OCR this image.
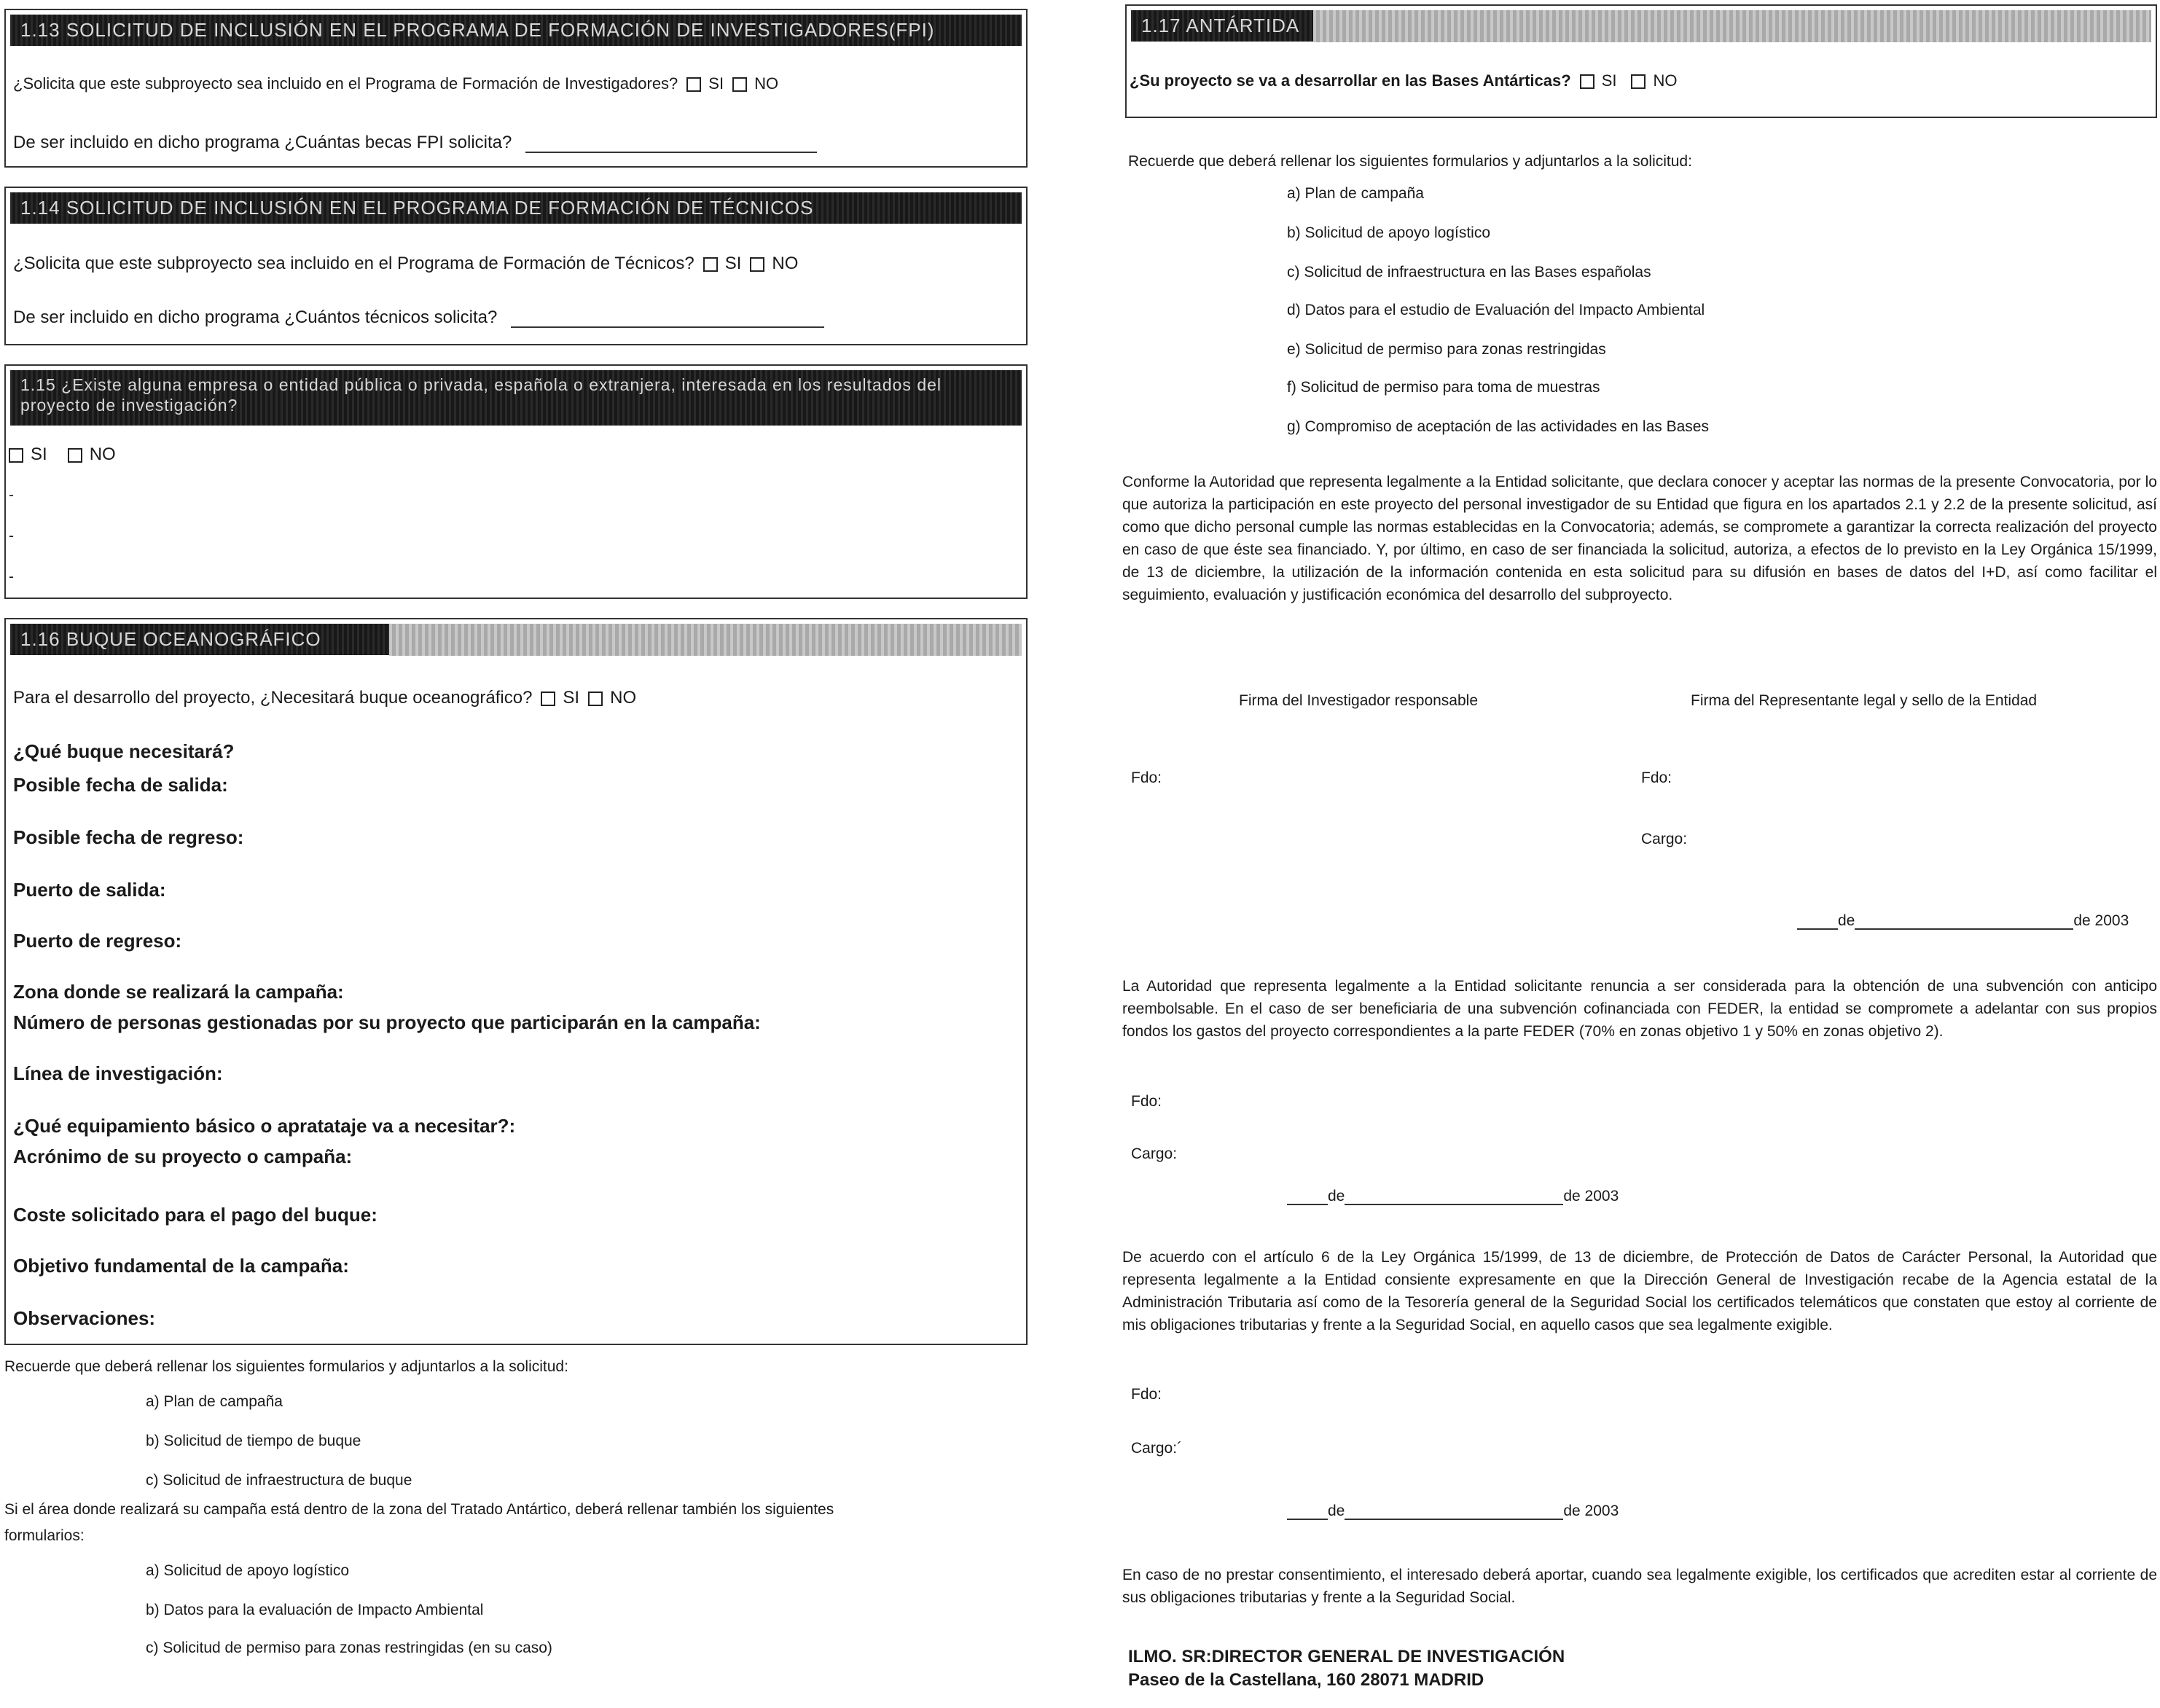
1.13 SOLICITUD DE INCLUSIÓN EN EL PROGRAMA DE FORMACIÓN DE INVESTIGADORES(FPI)
¿Solicita que este subproyecto sea incluido en el Programa de Formación de Investigadores? SI NO
De ser incluido en dicho programa ¿Cuántas becas FPI solicita?
1.14 SOLICITUD DE INCLUSIÓN EN EL PROGRAMA DE FORMACIÓN DE TÉCNICOS
¿Solicita que este subproyecto sea incluido en el Programa de Formación de Técnicos? SI NO
De ser incluido en dicho programa ¿Cuántos técnicos solicita?
1.15 ¿Existe alguna empresa o entidad pública o privada, española o extranjera, interesada en los resultados del proyecto de investigación?
SI NO
-
-
-
1.16 BUQUE OCEANOGRÁFICO
Para el desarrollo del proyecto, ¿Necesitará buque oceanográfico? SI NO
¿Qué buque necesitará?
Posible fecha de salida:
Posible fecha de regreso:
Puerto de salida:
Puerto de regreso:
Zona donde se realizará la campaña:
Número de personas gestionadas por su proyecto que participarán en la campaña:
Línea de investigación:
¿Qué equipamiento básico o apratataje va a necesitar?:
Acrónimo de su proyecto o campaña:
Coste solicitado para el pago del buque:
Objetivo fundamental de la campaña:
Observaciones:
Recuerde que deberá rellenar los siguientes formularios y adjuntarlos a la solicitud:
a) Plan de campaña
b) Solicitud de tiempo de buque
c) Solicitud de infraestructura de buque
Si el área donde realizará su campaña está dentro de la zona del Tratado Antártico, deberá rellenar también los siguientes
formularios:
a) Solicitud de apoyo logístico
b) Datos para la evaluación de Impacto Ambiental
c) Solicitud de permiso para zonas restringidas (en su caso)
1.17 ANTÁRTIDA
¿Su proyecto se va a desarrollar en las Bases Antárticas? SI NO
Recuerde que deberá rellenar los siguientes formularios y adjuntarlos a la solicitud:
a) Plan de campaña
b) Solicitud de apoyo logístico
c) Solicitud de infraestructura en las Bases españolas
d) Datos para el estudio de Evaluación del Impacto Ambiental
e) Solicitud de permiso para zonas restringidas
f) Solicitud de permiso para toma de muestras
g) Compromiso de aceptación de las actividades en las Bases
Conforme la Autoridad que representa legalmente a la Entidad solicitante, que declara conocer y aceptar las normas de la presente Convocatoria, por lo que autoriza la participación en este proyecto del personal investigador de su Entidad que figura en los apartados 2.1 y 2.2 de la presente solicitud, así como que dicho personal cumple las normas establecidas en la Convocatoria; además, se compromete a garantizar la correcta realización del proyecto en caso de que éste sea financiado. Y, por último, en caso de ser financiada la solicitud, autoriza, a efectos de lo previsto en la Ley Orgánica 15/1999, de 13 de diciembre, la utilización de la información contenida en esta solicitud para su difusión en bases de datos del I+D, así como facilitar el seguimiento, evaluación y justificación económica del desarrollo del subproyecto.
Firma del Investigador responsable	Firma del Representante legal y sello de la Entidad
Fdo:	Fdo:
Cargo:
de	de 2003
La Autoridad que representa legalmente a la Entidad solicitante renuncia a ser considerada para la obtención de una subvención con anticipo reembolsable. En el caso de ser beneficiaria de una subvención cofinanciada con FEDER, la entidad se compromete a adelantar con sus propios fondos los gastos del proyecto correspondientes a la parte FEDER (70% en zonas objetivo 1 y 50% en zonas objetivo 2).
Fdo:
Cargo:
de	de 2003
De acuerdo con el artículo 6 de la Ley Orgánica 15/1999, de 13 de diciembre, de Protección de Datos de Carácter Personal, la Autoridad que representa legalmente a la Entidad consiente expresamente en que la Dirección General de Investigación recabe de la Agencia estatal de la Administración Tributaria así como de la Tesorería general de la Seguridad Social los certificados telemáticos que constaten que estoy al corriente de mis obligaciones tributarias y frente a la Seguridad Social, en aquello casos que sea legalmente exigible.
Fdo:
Cargo:´
de	de 2003
En caso de no prestar consentimiento, el interesado deberá aportar, cuando sea legalmente exigible, los certificados que acrediten estar al corriente de sus obligaciones tributarias y frente a la Seguridad Social.
ILMO. SR:DIRECTOR GENERAL DE INVESTIGACIÓN
Paseo de la Castellana, 160 28071 MADRID
